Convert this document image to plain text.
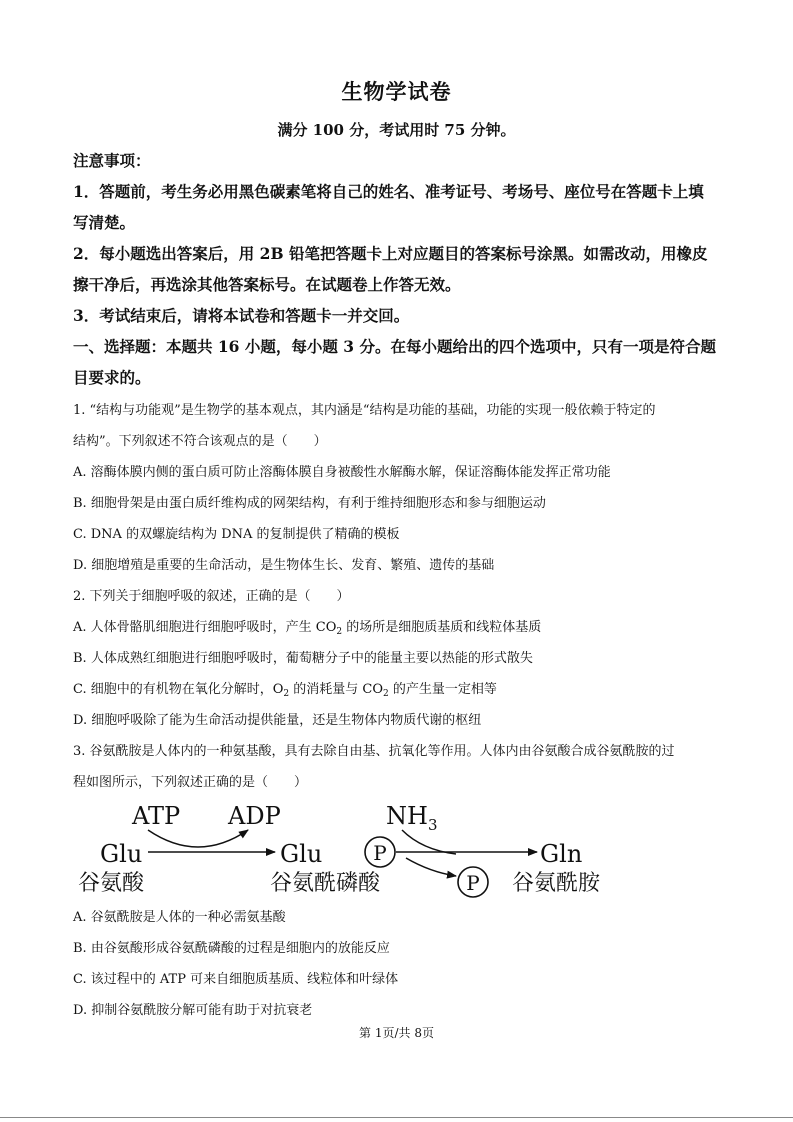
生物学试卷
满分 100 分，考试用时 75 分钟。
注意事项：
1．答题前，考生务必用黑色碳素笔将自己的姓名、准考证号、考场号、座位号在答题卡上填
写清楚。
2．每小题选出答案后，用 2B 铅笔把答题卡上对应题目的答案标号涂黑。如需改动，用橡皮
擦干净后，再选涂其他答案标号。在试题卷上作答无效。
3．考试结束后，请将本试卷和答题卡一并交回。
一、选择题：本题共 16 小题，每小题 3 分。在每小题给出的四个选项中，只有一项是符合题
目要求的。
1. “结构与功能观”是生物学的基本观点，其内涵是“结构是功能的基础，功能的实现一般依赖于特定的
结构”。下列叙述不符合该观点的是（　　）
A. 溶酶体膜内侧的蛋白质可防止溶酶体膜自身被酸性水解酶水解，保证溶酶体能发挥正常功能
B. 细胞骨架是由蛋白质纤维构成的网架结构，有利于维持细胞形态和参与细胞运动
C. DNA 的双螺旋结构为 DNA 的复制提供了精确的模板
D. 细胞增殖是重要的生命活动，是生物体生长、发育、繁殖、遗传的基础
2. 下列关于细胞呼吸的叙述，正确的是（　　）
A. 人体骨骼肌细胞进行细胞呼吸时，产生 $CO_2$ 的场所是细胞质基质和线粒体基质
B. 人体成熟红细胞进行细胞呼吸时，葡萄糖分子中的能量主要以热能的形式散失
C. 细胞中的有机物在氧化分解时，$O_2$ 的消耗量与 $CO_2$ 的产生量一定相等
D. 细胞呼吸除了能为生命活动提供能量，还是生物体内物质代谢的枢纽
3. 谷氨酰胺是人体内的一种氨基酸，具有去除自由基、抗氧化等作用。人体内由谷氨酸合成谷氨酰胺的过
程如图所示，下列叙述正确的是（　　）
ATP ADP	$NH_3$
Glu	Glu	Gln
谷氨酸	谷氨酰磷酸	谷氨酰胺
P
P
A. 谷氨酰胺是人体的一种必需氨基酸
B. 由谷氨酸形成谷氨酰磷酸的过程是细胞内的放能反应
C. 该过程中的 ATP 可来自细胞质基质、线粒体和叶绿体
D. 抑制谷氨酰胺分解可能有助于对抗衰老
第 1页/共 8页
